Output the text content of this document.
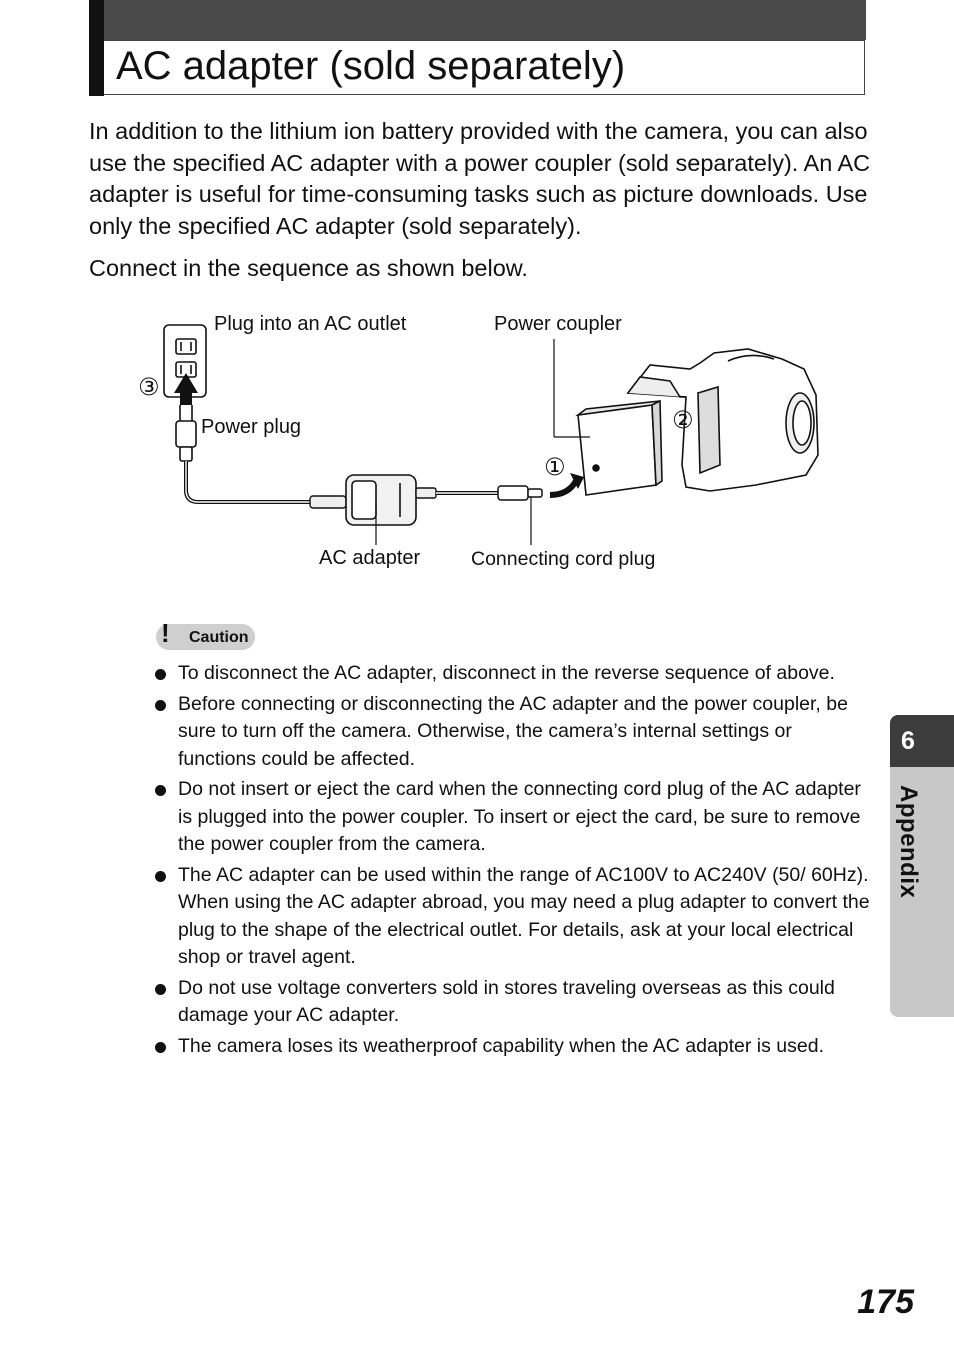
AC adapter (sold separately)

In addition to the lithium ion battery provided with the camera, you can also use the specified AC adapter with a power coupler (sold separately). An AC adapter is useful for time-consuming tasks such as picture downloads. Use only the specified AC adapter (sold separately).

Connect in the sequence as shown below.

Plug into an AC outlet	Power coupler
Power plug
AC adapter	Connecting cord plug
③
①
②
! Caution
To disconnect the AC adapter, disconnect in the reverse sequence of above.
Before connecting or disconnecting the AC adapter and the power coupler, be sure to turn off the camera. Otherwise, the camera’s internal settings or functions could be affected.
Do not insert or eject the card when the connecting cord plug of the AC adapter is plugged into the power coupler. To insert or eject the card, be sure to remove the power coupler from the camera.
The AC adapter can be used within the range of AC100V to AC240V (50/ 60Hz). When using the AC adapter abroad, you may need a plug adapter to convert the plug to the shape of the electrical outlet. For details, ask at your local electrical shop or travel agent.
Do not use voltage converters sold in stores traveling overseas as this could damage your AC adapter.
The camera loses its weatherproof capability when the AC adapter is used.
6
Appendix
175
